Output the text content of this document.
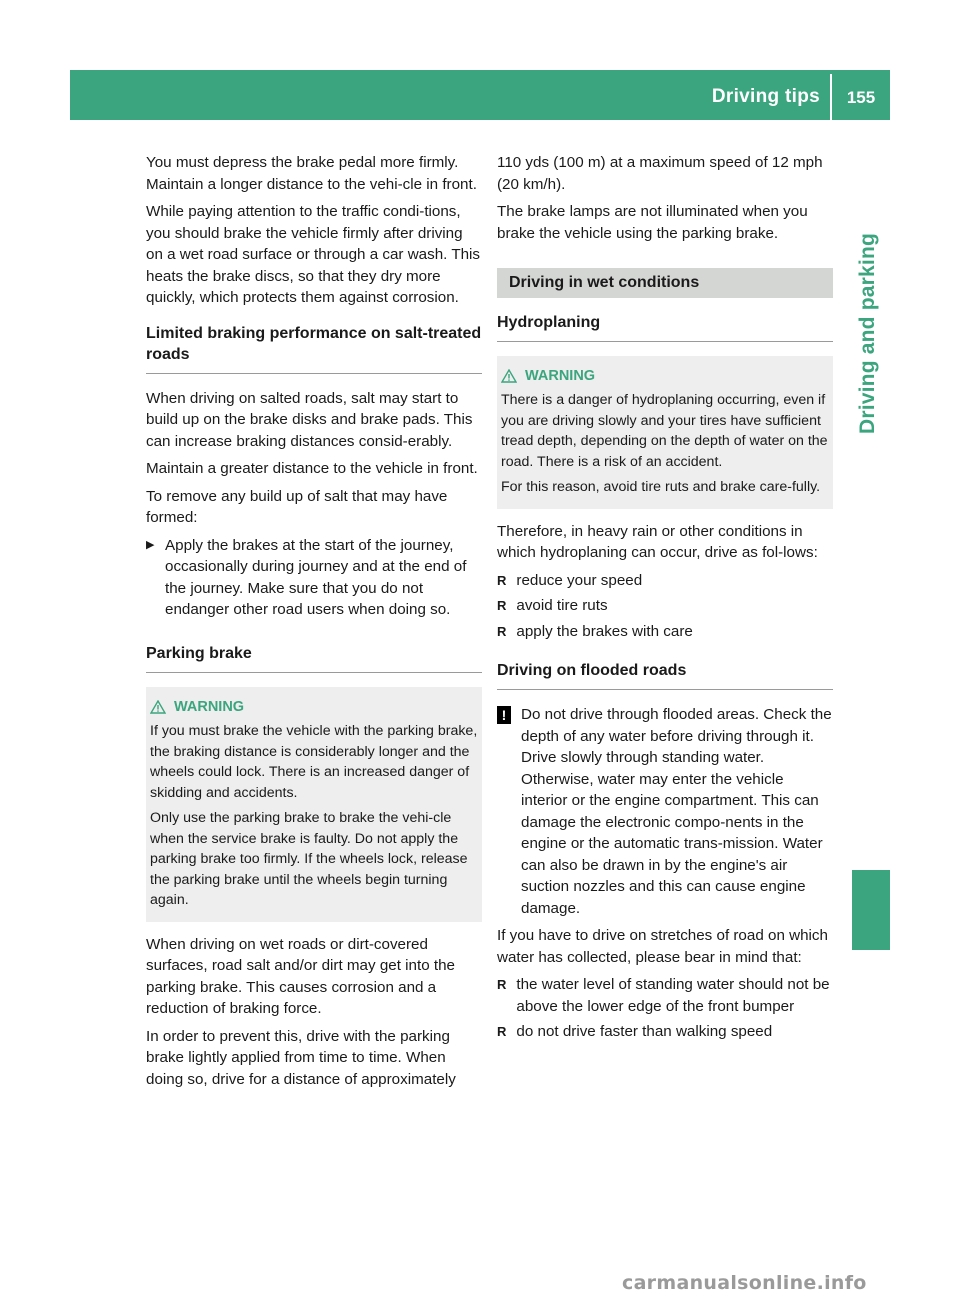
Driving tips	155
Driving and parking

You must depress the brake pedal more firmly. Maintain a longer distance to the vehi-cle in front.

While paying attention to the traffic condi-tions, you should brake the vehicle firmly after driving on a wet road surface or through a car wash. This heats the brake discs, so that they dry more quickly, which protects them against corrosion.

Limited braking performance on salt-treated roads

When driving on salted roads, salt may start to build up on the brake disks and brake pads. This can increase braking distances consid-erably.

Maintain a greater distance to the vehicle in front.

To remove any build up of salt that may have formed:

▶ Apply the brakes at the start of the journey, occasionally during journey and at the end of the journey. Make sure that you do not endanger other road users when doing so.
Parking brake
WARNING

If you must brake the vehicle with the parking brake, the braking distance is considerably longer and the wheels could lock. There is an increased danger of skidding and accidents.

Only use the parking brake to brake the vehi-cle when the service brake is faulty. Do not apply the parking brake too firmly. If the wheels lock, release the parking brake until the wheels begin turning again.

When driving on wet roads or dirt-covered surfaces, road salt and/or dirt may get into the parking brake. This causes corrosion and a reduction of braking force.

In order to prevent this, drive with the parking brake lightly applied from time to time. When doing so, drive for a distance of approximately

110 yds (100 m) at a maximum speed of 12 mph (20 km/h).

The brake lamps are not illuminated when you brake the vehicle using the parking brake.

Driving in wet conditions
Hydroplaning
WARNING

There is a danger of hydroplaning occurring, even if you are driving slowly and your tires have sufficient tread depth, depending on the depth of water on the road. There is a risk of an accident.

For this reason, avoid tire ruts and brake care-fully.

Therefore, in heavy rain or other conditions in which hydroplaning can occur, drive as fol-lows:

R reduce your speed
R avoid tire ruts
R apply the brakes with care
Driving on flooded roads
! Do not drive through flooded areas. Check the depth of any water before driving through it. Drive slowly through standing water. Otherwise, water may enter the vehicle interior or the engine compartment. This can damage the electronic compo-nents in the engine or the automatic trans-mission. Water can also be drawn in by the engine's air suction nozzles and this can cause engine damage.

If you have to drive on stretches of road on which water has collected, please bear in mind that:

R the water level of standing water should not be above the lower edge of the front bumper
R do not drive faster than walking speed
carmanualsonline.info
